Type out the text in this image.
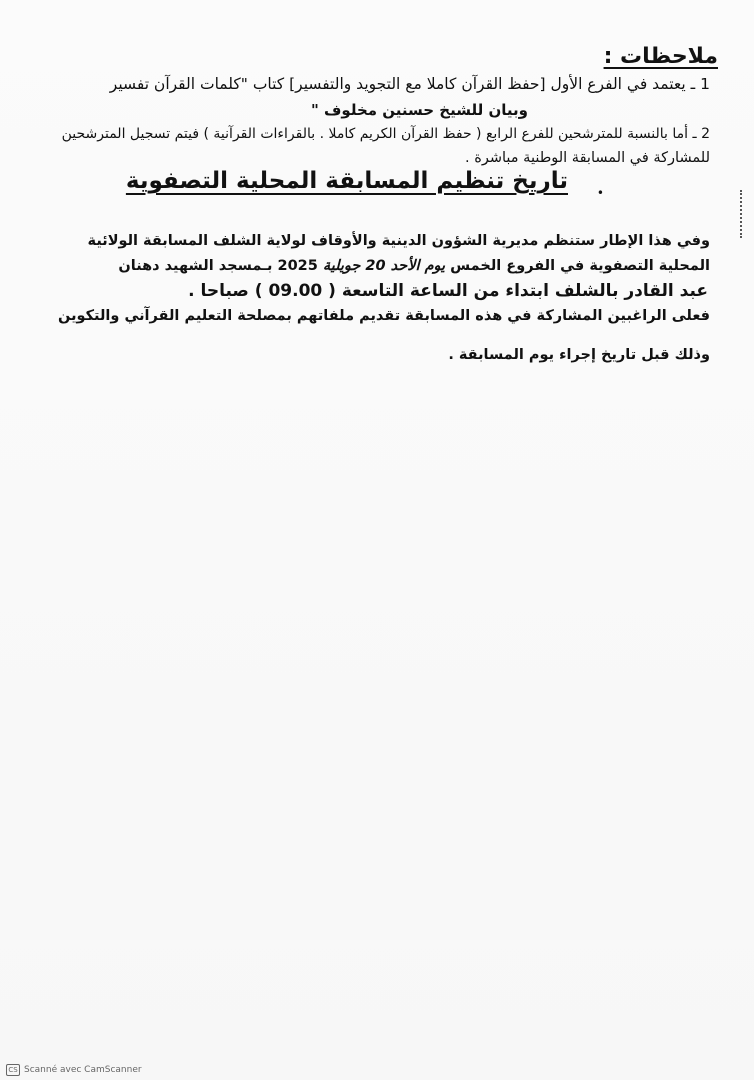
ملاحظات :
1 ـ يعتمد في الفرع الأول [حفظ القرآن كاملا مع التجويد والتفسير] كتاب "كلمات القرآن تفسير
وبيان للشيخ حسنين مخلوف "
2 ـ أما بالنسبة للمترشحين للفرع الرابع ( حفظ القرآن الكريم كاملا . بالقراءات القرآنية ) فيتم تسجيل المترشحين
للمشاركة في المسابقة الوطنية مباشرة .
تاريخ تنظيم المسابقة المحلية التصفوية •
وفي هذا الإطار ستنظم مديرية الشؤون الدينية والأوقاف لولاية الشلف المسابقة الولائية
المحلية التصفوية في الفروع الخمس يوم الأحد 20 جويلية 2025 بـمسجد الشهيد دهنان
عبد القادر بالشلف ابتداء من الساعة التاسعة ( 09.00 ) صباحا .
فعلى الراغبين المشاركة في هذه المسابقة تقديم ملفاتهم بمصلحة التعليم القرآني والتكوين
وذلك قبل تاريخ إجراء يوم المسابقة .
CS Scanné avec CamScanner
